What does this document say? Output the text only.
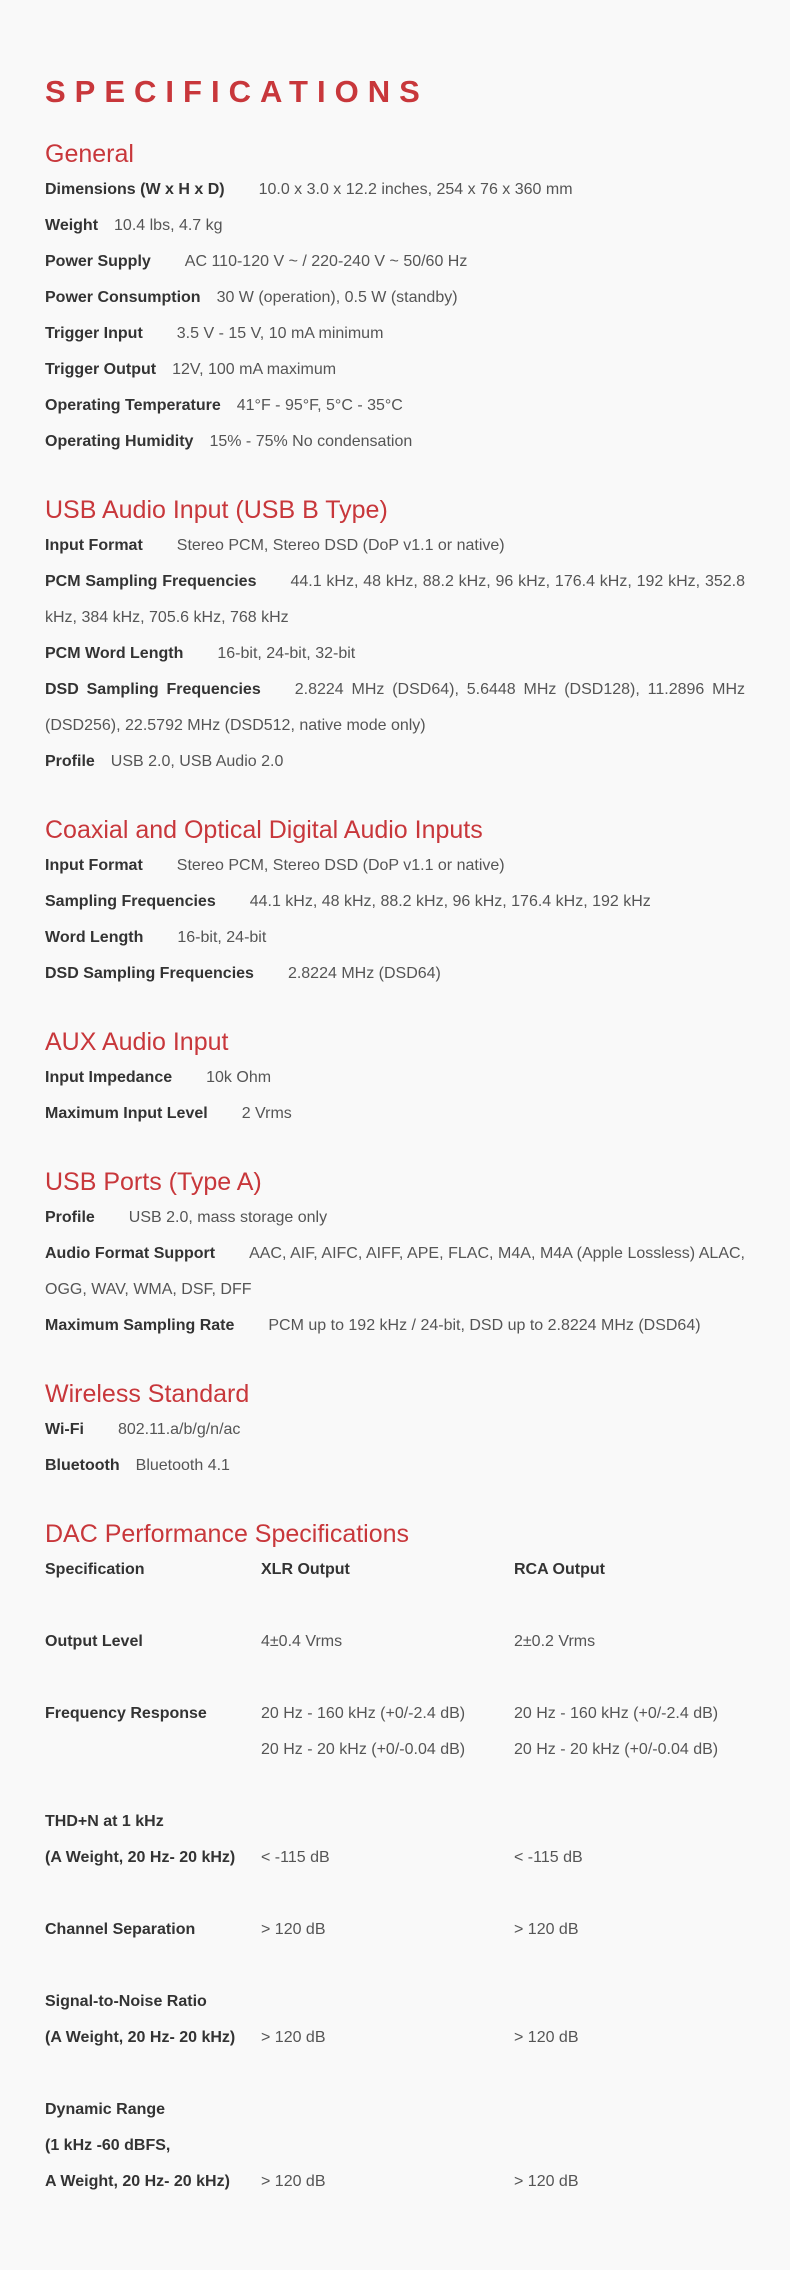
SPECIFICATIONS
General
Dimensions (W x H x D) 10.0 x 3.0 x 12.2 inches, 254 x 76 x 360 mm
Weight 10.4 lbs, 4.7 kg
Power Supply AC 110-120 V ~ / 220-240 V ~ 50/60 Hz
Power Consumption 30 W (operation), 0.5 W (standby)
Trigger Input 3.5 V - 15 V, 10 mA minimum
Trigger Output 12V, 100 mA maximum
Operating Temperature 41°F - 95°F, 5°C - 35°C
Operating Humidity 15% - 75% No condensation
USB Audio Input (USB B Type)
Input Format Stereo PCM, Stereo DSD (DoP v1.1 or native)
PCM Sampling Frequencies 44.1 kHz, 48 kHz, 88.2 kHz, 96 kHz, 176.4 kHz, 192 kHz, 352.8 kHz, 384 kHz, 705.6 kHz, 768 kHz
PCM Word Length 16-bit, 24-bit, 32-bit
DSD Sampling Frequencies 2.8224 MHz (DSD64), 5.6448 MHz (DSD128), 11.2896 MHz (DSD256), 22.5792 MHz (DSD512, native mode only)
Profile USB 2.0, USB Audio 2.0
Coaxial and Optical Digital Audio Inputs
Input Format Stereo PCM, Stereo DSD (DoP v1.1 or native)
Sampling Frequencies 44.1 kHz, 48 kHz, 88.2 kHz, 96 kHz, 176.4 kHz, 192 kHz
Word Length 16-bit, 24-bit
DSD Sampling Frequencies 2.8224 MHz (DSD64)
AUX Audio Input
Input Impedance 10k Ohm
Maximum Input Level 2 Vrms
USB Ports (Type A)
Profile USB 2.0, mass storage only
Audio Format Support AAC, AIF, AIFC, AIFF, APE, FLAC, M4A, M4A (Apple Lossless) ALAC, OGG, WAV, WMA, DSF, DFF
Maximum Sampling Rate PCM up to 192 kHz / 24-bit, DSD up to 2.8224 MHz (DSD64)
Wireless Standard
Wi-Fi 802.11.a/b/g/n/ac
Bluetooth Bluetooth 4.1
DAC Performance Specifications
Specification	XLR Output	RCA Output

Output Level	4±0.4 Vrms	2±0.2 Vrms

Frequency Response	20 Hz - 160 kHz (+0/-2.4 dB)	20 Hz - 160 kHz (+0/-2.4 dB)
	20 Hz - 20 kHz (+0/-0.04 dB)	20 Hz - 20 kHz (+0/-0.04 dB)

THD+N at 1 kHz		
(A Weight, 20 Hz- 20 kHz)	< -115 dB	< -115 dB

Channel Separation	> 120 dB	> 120 dB

Signal-to-Noise Ratio		
(A Weight, 20 Hz- 20 kHz)	> 120 dB	> 120 dB

Dynamic Range		
(1 kHz -60 dBFS,		
A Weight, 20 Hz- 20 kHz)	> 120 dB	> 120 dB
